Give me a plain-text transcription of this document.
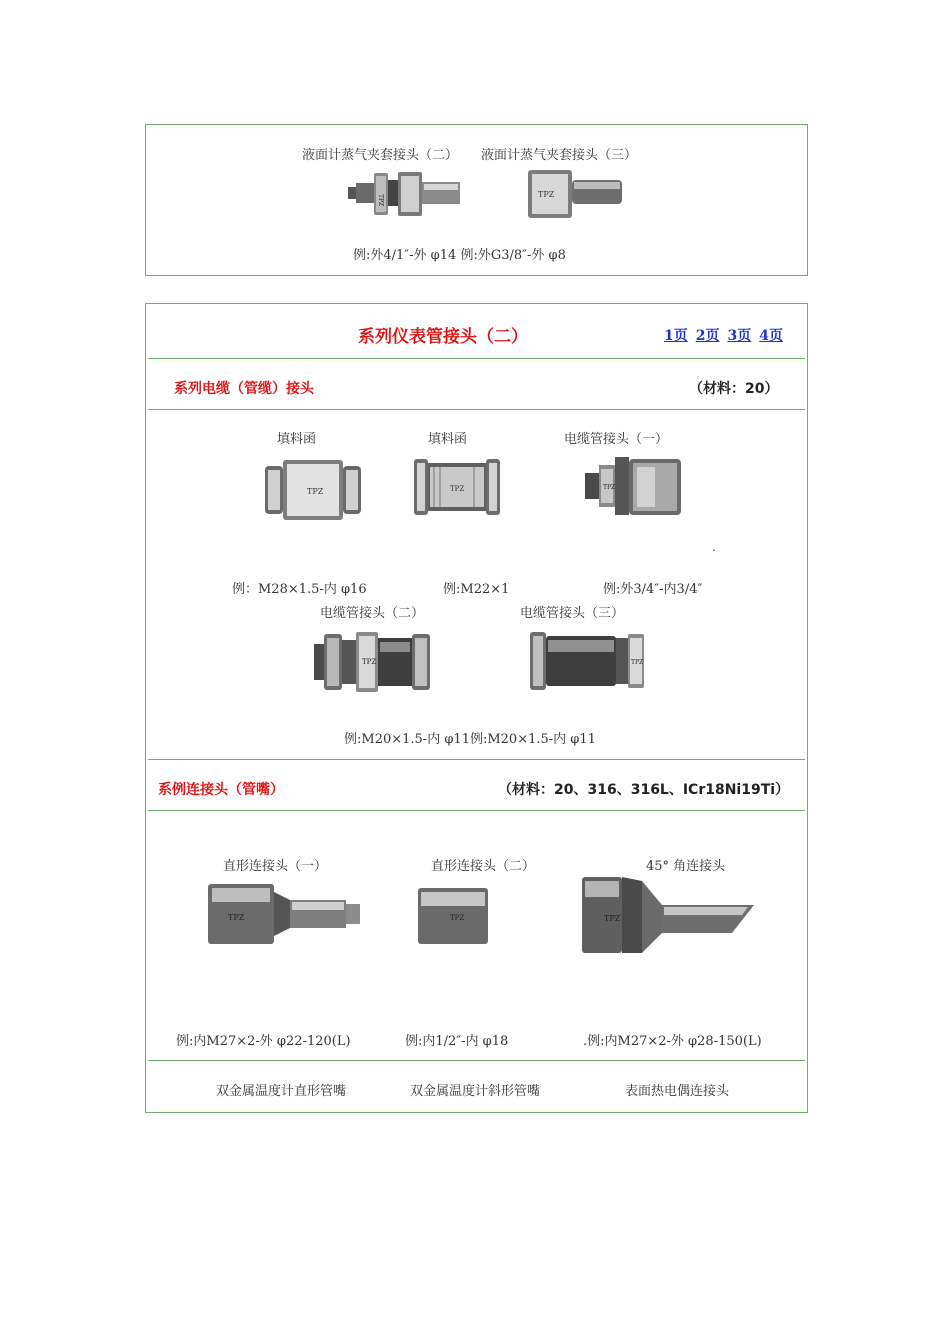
液面计蒸气夹套接头（二） 液面计蒸气夹套接头（三）
TPZ	TPZ
例:外4/1″-外 φ14 例:外G3/8″-外 φ8
系列仪表管接头（二）	1页 2页 3页 4页
系列电缆（管缆）接头	（材料：20）
填料函	填料函	电缆管接头（一）
TPZ	TPZ	TPZ
.
例：M28×1.5-内 φ16	例:M22×1	例:外3/4″-内3/4″
电缆管接头（二）	电缆管接头（三）
TPZ	TPZ
例:M20×1.5-内 φ11例:M20×1.5-内 φ11
系例连接头（管嘴）	（材料：20、316、316L、ICr18Ni19Ti）
直形连接头（一）	直形连接头（二）	45° 角连接头
TPZ	TPZ	TPZ
例:内M27×2-外 φ22-120(L)	例:内1/2″-内 φ18	.例:内M27×2-外 φ28-150(L)
双金属温度计直形管嘴	双金属温度计斜形管嘴	表面热电偶连接头
